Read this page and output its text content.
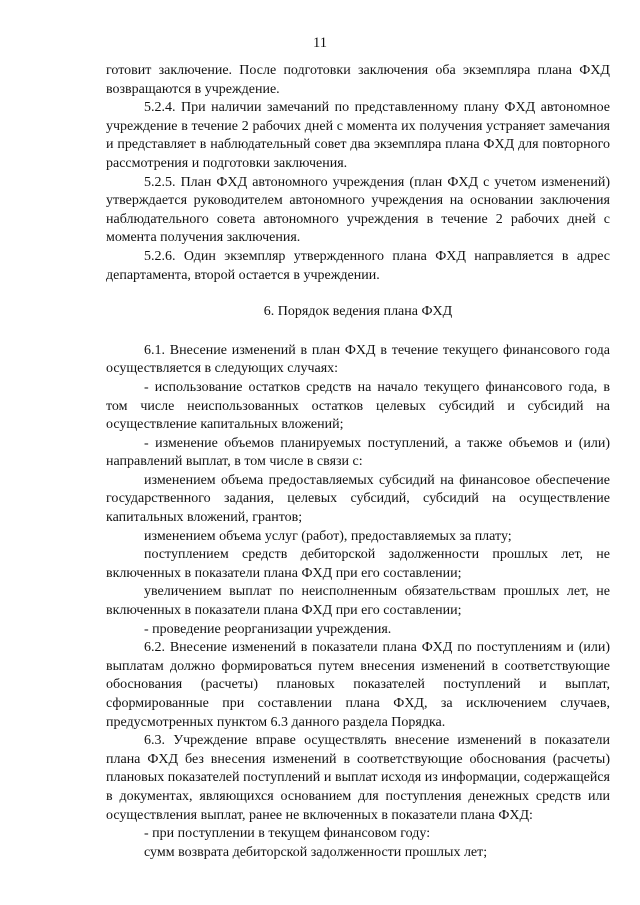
11

готовит заключение. После подготовки заключения оба экземпляра плана ФХД возвращаются в учреждение.

5.2.4. При наличии замечаний по представленному плану ФХД автономное учреждение в течение 2 рабочих дней с момента их получения устраняет замечания и представляет в наблюдательный совет два экземпляра плана ФХД для повторного рассмотрения и подготовки заключения.

5.2.5. План ФХД автономного учреждения (план ФХД с учетом изменений) утверждается руководителем автономного учреждения на основании заключения наблюдательного совета автономного учреждения в течение 2 рабочих дней с момента получения заключения.

5.2.6. Один экземпляр утвержденного плана ФХД направляется в адрес департамента, второй остается в учреждении.

6. Порядок ведения плана ФХД

6.1. Внесение изменений в план ФХД в течение текущего финансового года осуществляется в следующих случаях:

- использование остатков средств на начало текущего финансового года, в том числе неиспользованных остатков целевых субсидий и субсидий на осуществление капитальных вложений;

- изменение объемов планируемых поступлений, а также объемов и (или) направлений выплат, в том числе в связи с:

изменением объема предоставляемых субсидий на финансовое обеспечение государственного задания, целевых субсидий, субсидий на осуществление капитальных вложений, грантов;

изменением объема услуг (работ), предоставляемых за плату;

поступлением средств дебиторской задолженности прошлых лет, не включенных в показатели плана ФХД при его составлении;

увеличением выплат по неисполненным обязательствам прошлых лет, не включенных в показатели плана ФХД при его составлении;

- проведение реорганизации учреждения.

6.2. Внесение изменений в показатели плана ФХД по поступлениям и (или) выплатам должно формироваться путем внесения изменений в соответствующие обоснования (расчеты) плановых показателей поступлений и выплат, сформированные при составлении плана ФХД, за исключением случаев, предусмотренных пунктом 6.3 данного раздела Порядка.

6.3. Учреждение вправе осуществлять внесение изменений в показатели плана ФХД без внесения изменений в соответствующие обоснования (расчеты) плановых показателей поступлений и выплат исходя из информации, содержащейся в документах, являющихся основанием для поступления денежных средств или осуществления выплат, ранее не включенных в показатели плана ФХД:

- при поступлении в текущем финансовом году:

сумм возврата дебиторской задолженности прошлых лет;
